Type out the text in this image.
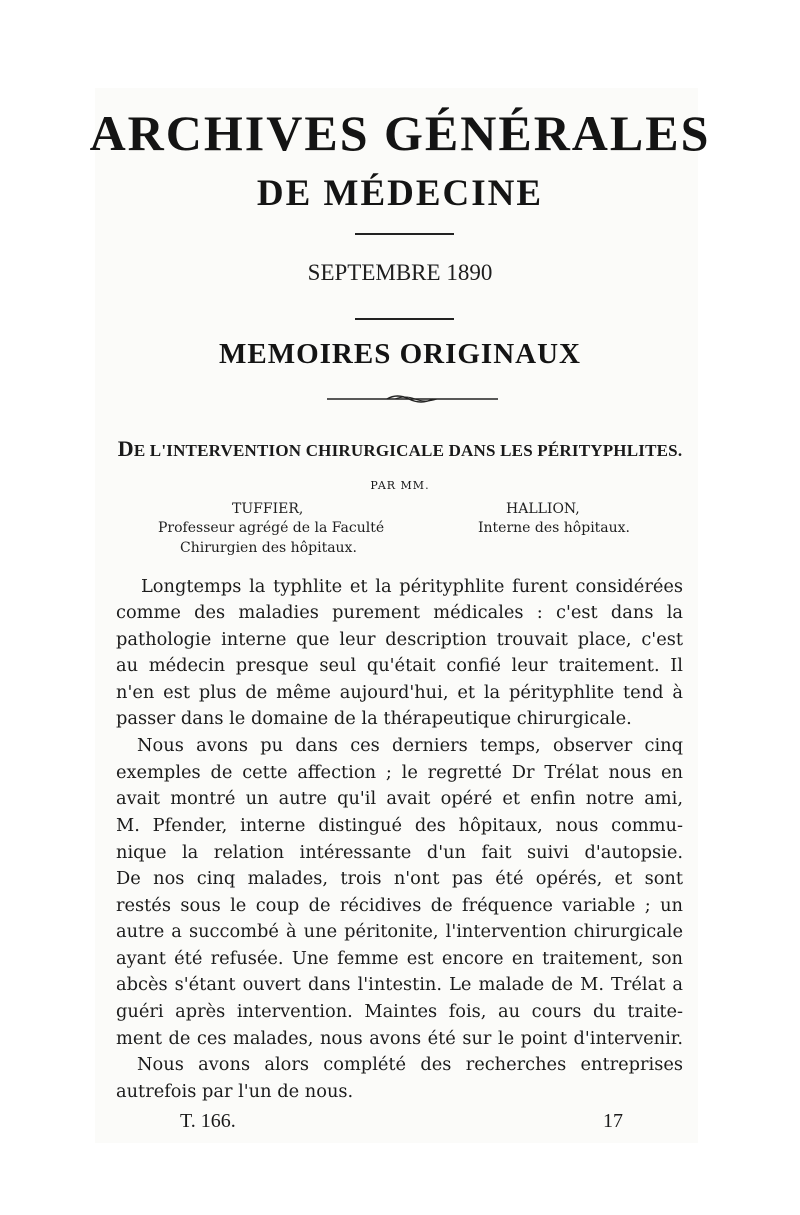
ARCHIVES GÉNÉRALES
DE MÉDECINE
SEPTEMBRE 1890
MEMOIRES ORIGINAUX
DE L'INTERVENTION CHIRURGICALE DANS LES PÉRITYPHLITES.
PAR MM.
TUFFIER,
Professeur agrégé de la Faculté
Chirurgien des hôpitaux.
HALLION,
Interne des hôpitaux.
Longtemps la typhlite et la pérityphlite furent considérées
comme des maladies purement médicales : c'est dans la
pathologie interne que leur description trouvait place, c'est
au médecin presque seul qu'était confié leur traitement. Il
n'en est plus de même aujourd'hui, et la pérityphlite tend à
passer dans le domaine de la thérapeutique chirurgicale.
Nous avons pu dans ces derniers temps, observer cinq
exemples de cette affection ; le regretté Dr Trélat nous en
avait montré un autre qu'il avait opéré et enfin notre ami,
M. Pfender, interne distingué des hôpitaux, nous commu-
nique la relation intéressante d'un fait suivi d'autopsie.
De nos cinq malades, trois n'ont pas été opérés, et sont
restés sous le coup de récidives de fréquence variable ; un
autre a succombé à une péritonite, l'intervention chirurgicale
ayant été refusée. Une femme est encore en traitement, son
abcès s'étant ouvert dans l'intestin. Le malade de M. Trélat a
guéri après intervention. Maintes fois, au cours du traite-
ment de ces malades, nous avons été sur le point d'intervenir.
Nous avons alors complété des recherches entreprises
autrefois par l'un de nous.
T. 166.	17
